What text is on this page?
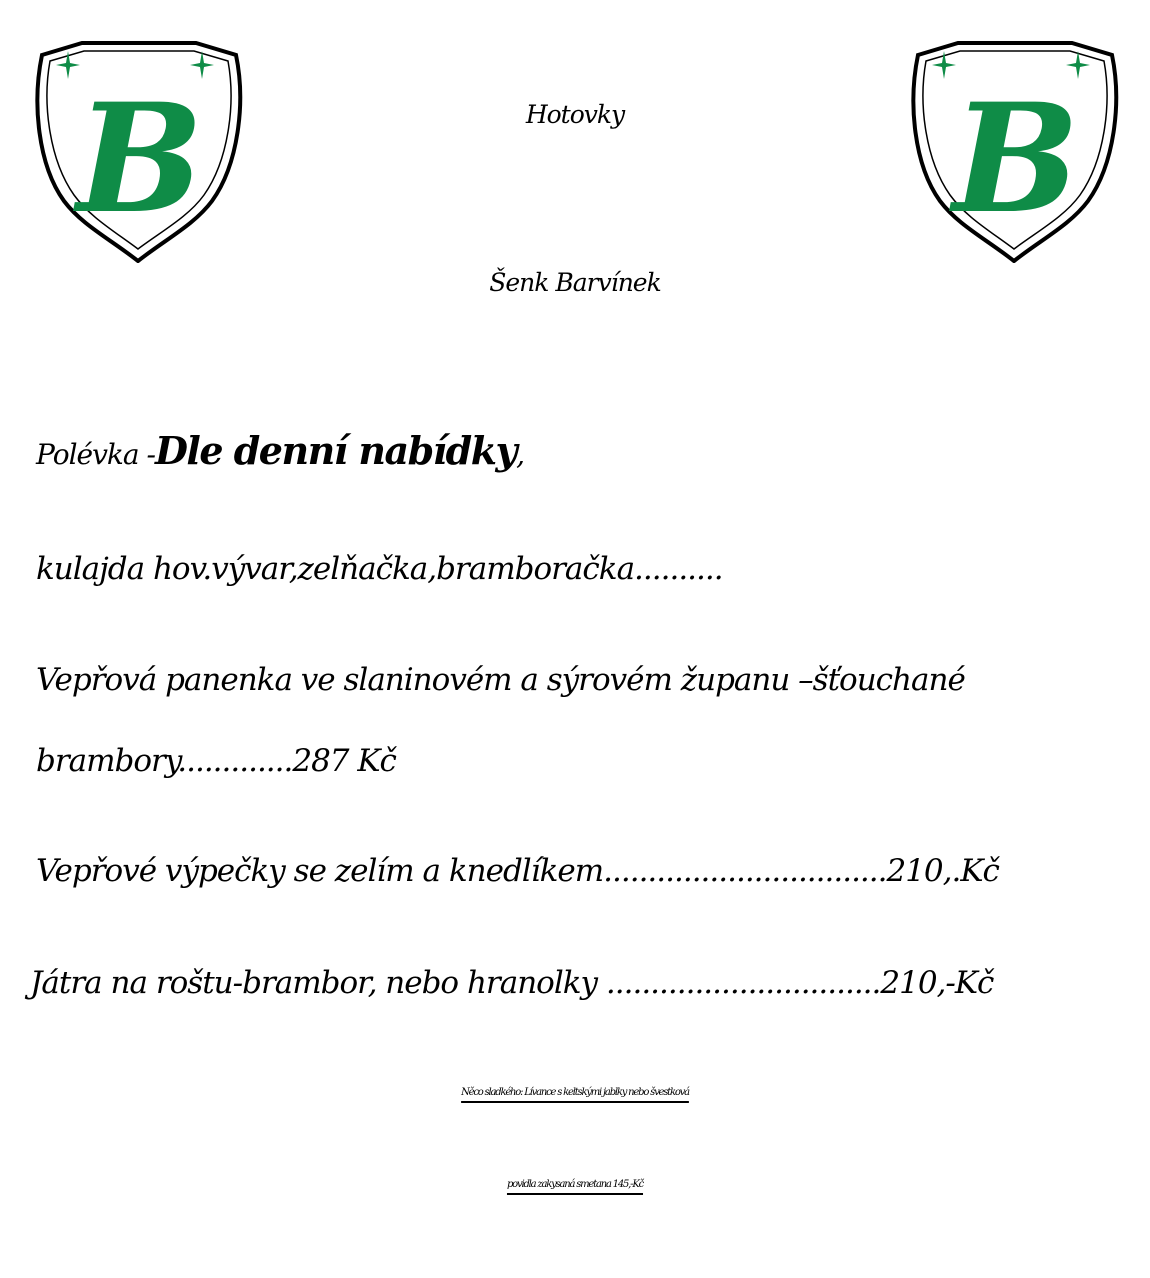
B	B
Hotovky
Šenk Barvínek
Polévka -Dle denní nabídky,
kulajda hov.vývar,zelňačka,bramboračka..........
Vepřová panenka ve slaninovém a sýrovém županu –šťouchané
brambory.............287 Kč
Vepřové výpečky se zelím a knedlíkem................................210,.Kč
Játra na roštu-brambor, nebo hranolky ...............................210,-Kč
Něco sladkého: Lívance s keltskými jablky nebo švestková
povidla zakysaná smetana 145,-Kč
